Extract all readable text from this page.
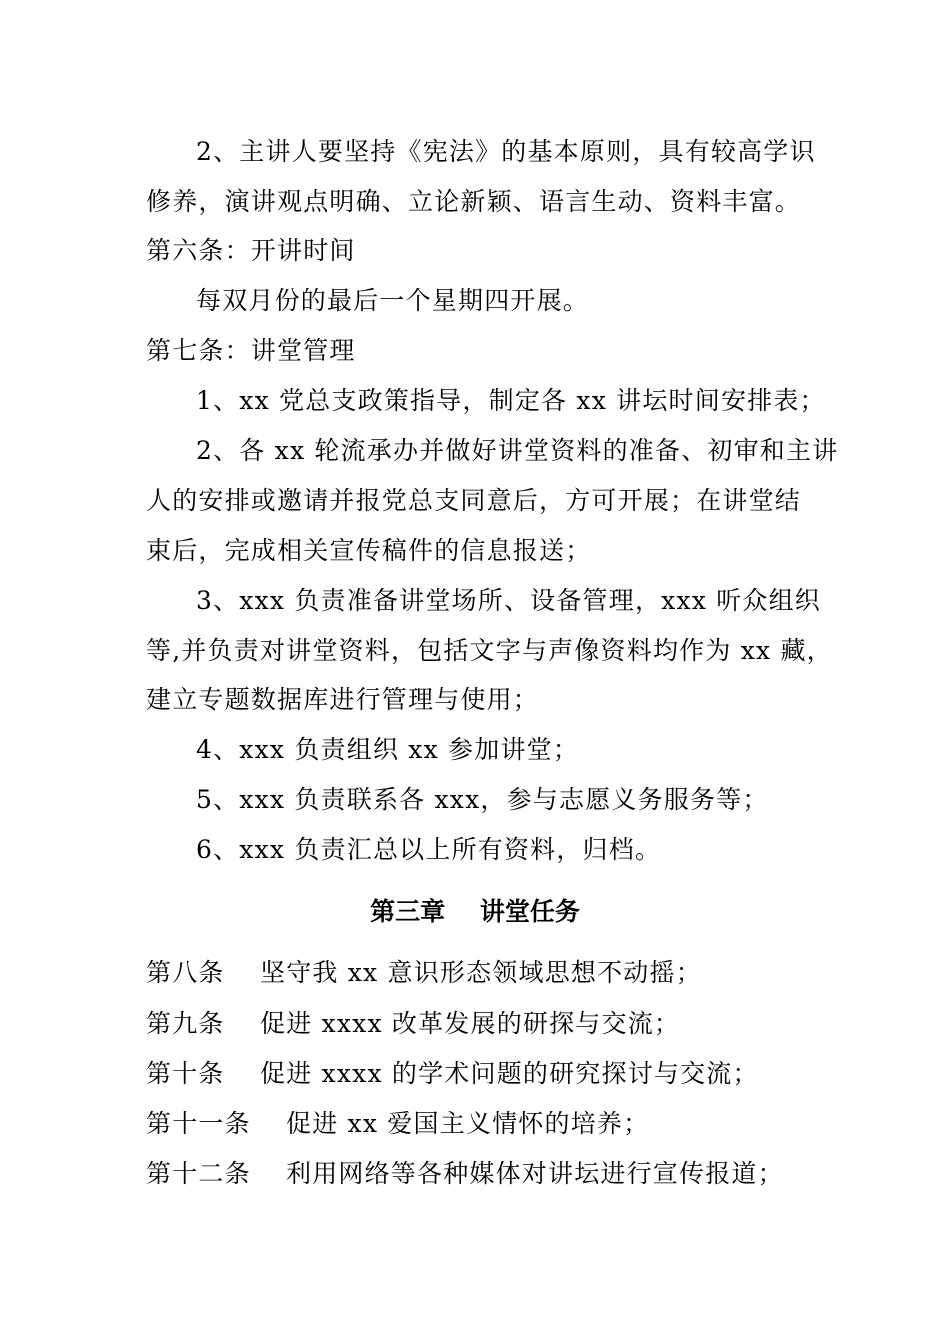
2、主讲人要坚持《宪法》的基本原则，具有较高学识
修养，演讲观点明确、立论新颖、语言生动、资料丰富。
第六条：开讲时间
每双月份的最后一个星期四开展。
第七条：讲堂管理
1、xx 党总支政策指导，制定各 xx 讲坛时间安排表；
2、各 xx 轮流承办并做好讲堂资料的准备、初审和主讲
人的安排或邀请并报党总支同意后，方可开展；在讲堂结
束后，完成相关宣传稿件的信息报送；
3、xxx 负责准备讲堂场所、设备管理，xxx 听众组织
等,并负责对讲堂资料，包括文字与声像资料均作为 xx 藏，
建立专题数据库进行管理与使用；
4、xxx 负责组织 xx 参加讲堂；
5、xxx 负责联系各 xxx，参与志愿义务服务等；
6、xxx 负责汇总以上所有资料，归档。
第三章    讲堂任务
第八条 坚守我 xx 意识形态领域思想不动摇；
第九条 促进 xxxx 改革发展的研探与交流；
第十条 促进 xxxx 的学术问题的研究探讨与交流；
第十一条 促进 xx 爱国主义情怀的培养；
第十二条 利用网络等各种媒体对讲坛进行宣传报道；
